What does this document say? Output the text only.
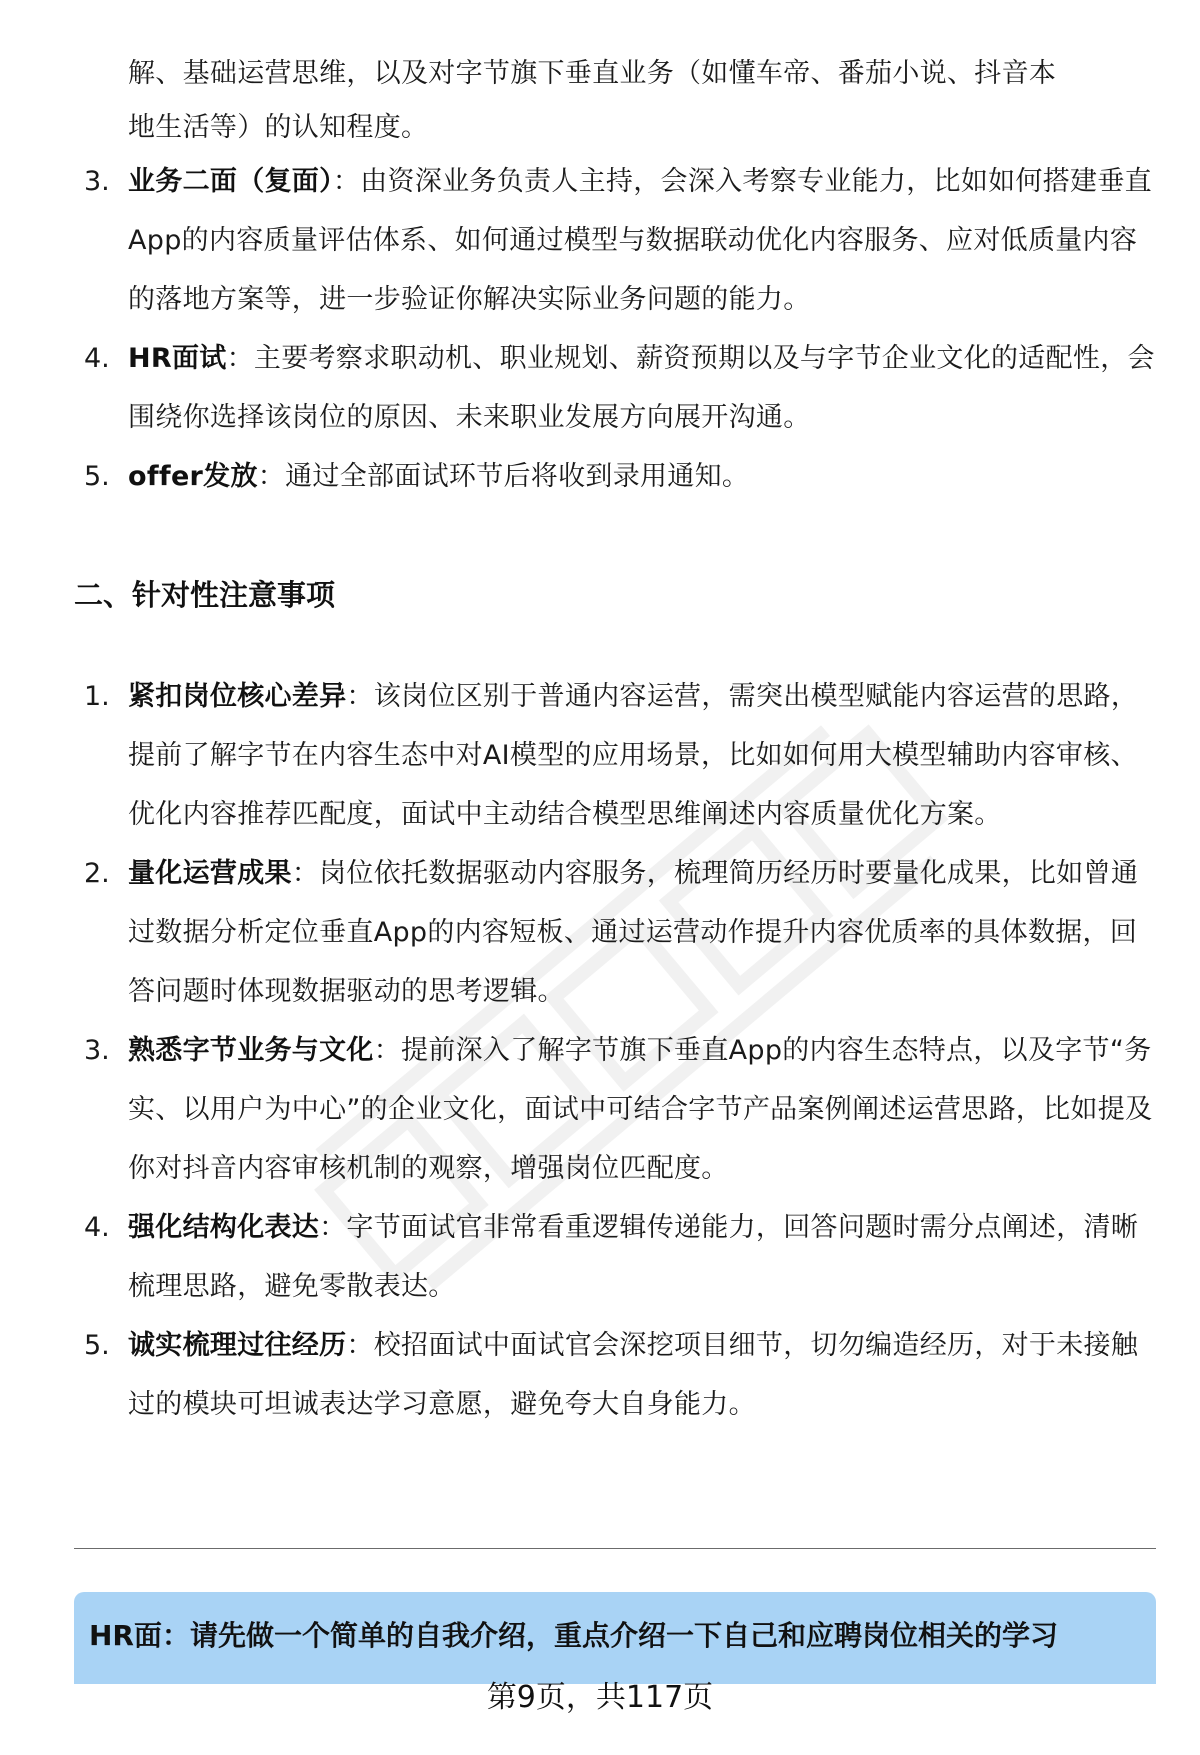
解、基础运营思维，以及对字节旗下垂直业务（如懂车帝、番茄小说、抖音本
地生活等）的认知程度。
3. 业务二面（复面）：由资深业务负责人主持，会深入考察专业能力，比如如何搭建垂直App的内容质量评估体系、如何通过模型与数据联动优化内容服务、应对低质量内容的落地方案等，进一步验证你解决实际业务问题的能力。
4. HR面试：主要考察求职动机、职业规划、薪资预期以及与字节企业文化的适配性，会围绕你选择该岗位的原因、未来职业发展方向展开沟通。
5. offer发放：通过全部面试环节后将收到录用通知。
二、针对性注意事项
1. 紧扣岗位核心差异：该岗位区别于普通内容运营，需突出模型赋能内容运营的思路，提前了解字节在内容生态中对AI模型的应用场景，比如如何用大模型辅助内容审核、优化内容推荐匹配度，面试中主动结合模型思维阐述内容质量优化方案。
2. 量化运营成果：岗位依托数据驱动内容服务，梳理简历经历时要量化成果，比如曾通过数据分析定位垂直App的内容短板、通过运营动作提升内容优质率的具体数据，回答问题时体现数据驱动的思考逻辑。
3. 熟悉字节业务与文化：提前深入了解字节旗下垂直App的内容生态特点，以及字节“务实、以用户为中心”的企业文化，面试中可结合字节产品案例阐述运营思路，比如提及你对抖音内容审核机制的观察，增强岗位匹配度。
4. 强化结构化表达：字节面试官非常看重逻辑传递能力，回答问题时需分点阐述，清晰梳理思路，避免零散表达。
5. 诚实梳理过往经历：校招面试中面试官会深挖项目细节，切勿编造经历，对于未接触过的模块可坦诚表达学习意愿，避免夸大自身能力。
HR面：请先做一个简单的自我介绍，重点介绍一下自己和应聘岗位相关的学习
第9页，共117页
